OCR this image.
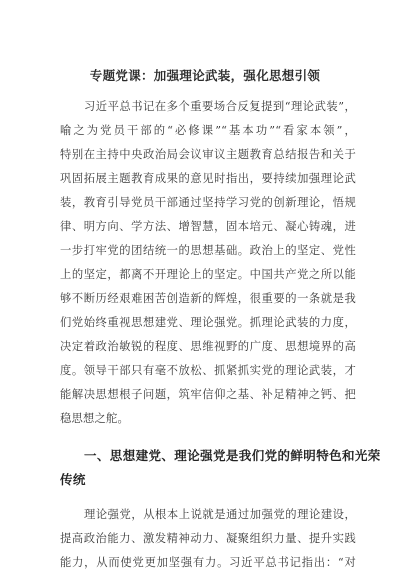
专题党课：加强理论武装，强化思想引领
习近平总书记在多个重要场合反复提到“理论武装”，
喻之为党员干部的“必修课”“基本功”“看家本领”，
特别在主持中央政治局会议审议主题教育总结报告和关于
巩固拓展主题教育成果的意见时指出，要持续加强理论武
装，教育引导党员干部通过坚持学习党的创新理论，悟规
律、明方向、学方法、增智慧，固本培元、凝心铸魂，进
一步打牢党的团结统一的思想基础。政治上的坚定、党性
上的坚定，都离不开理论上的坚定。中国共产党之所以能
够不断历经艰难困苦创造新的辉煌，很重要的一条就是我
们党始终重视思想建党、理论强党。抓理论武装的力度，
决定着政治敏锐的程度、思维视野的广度、思想境界的高
度。领导干部只有毫不放松、抓紧抓实党的理论武装，才
能解决思想根子问题，筑牢信仰之基、补足精神之钙、把
稳思想之舵。
一、思想建党、理论强党是我们党的鲜明特色和光荣
传统
理论强党，从根本上说就是通过加强党的理论建设，
提高政治能力、激发精神动力、凝聚组织力量、提升实践
能力，从而使党更加坚强有力。习近平总书记指出：“对
